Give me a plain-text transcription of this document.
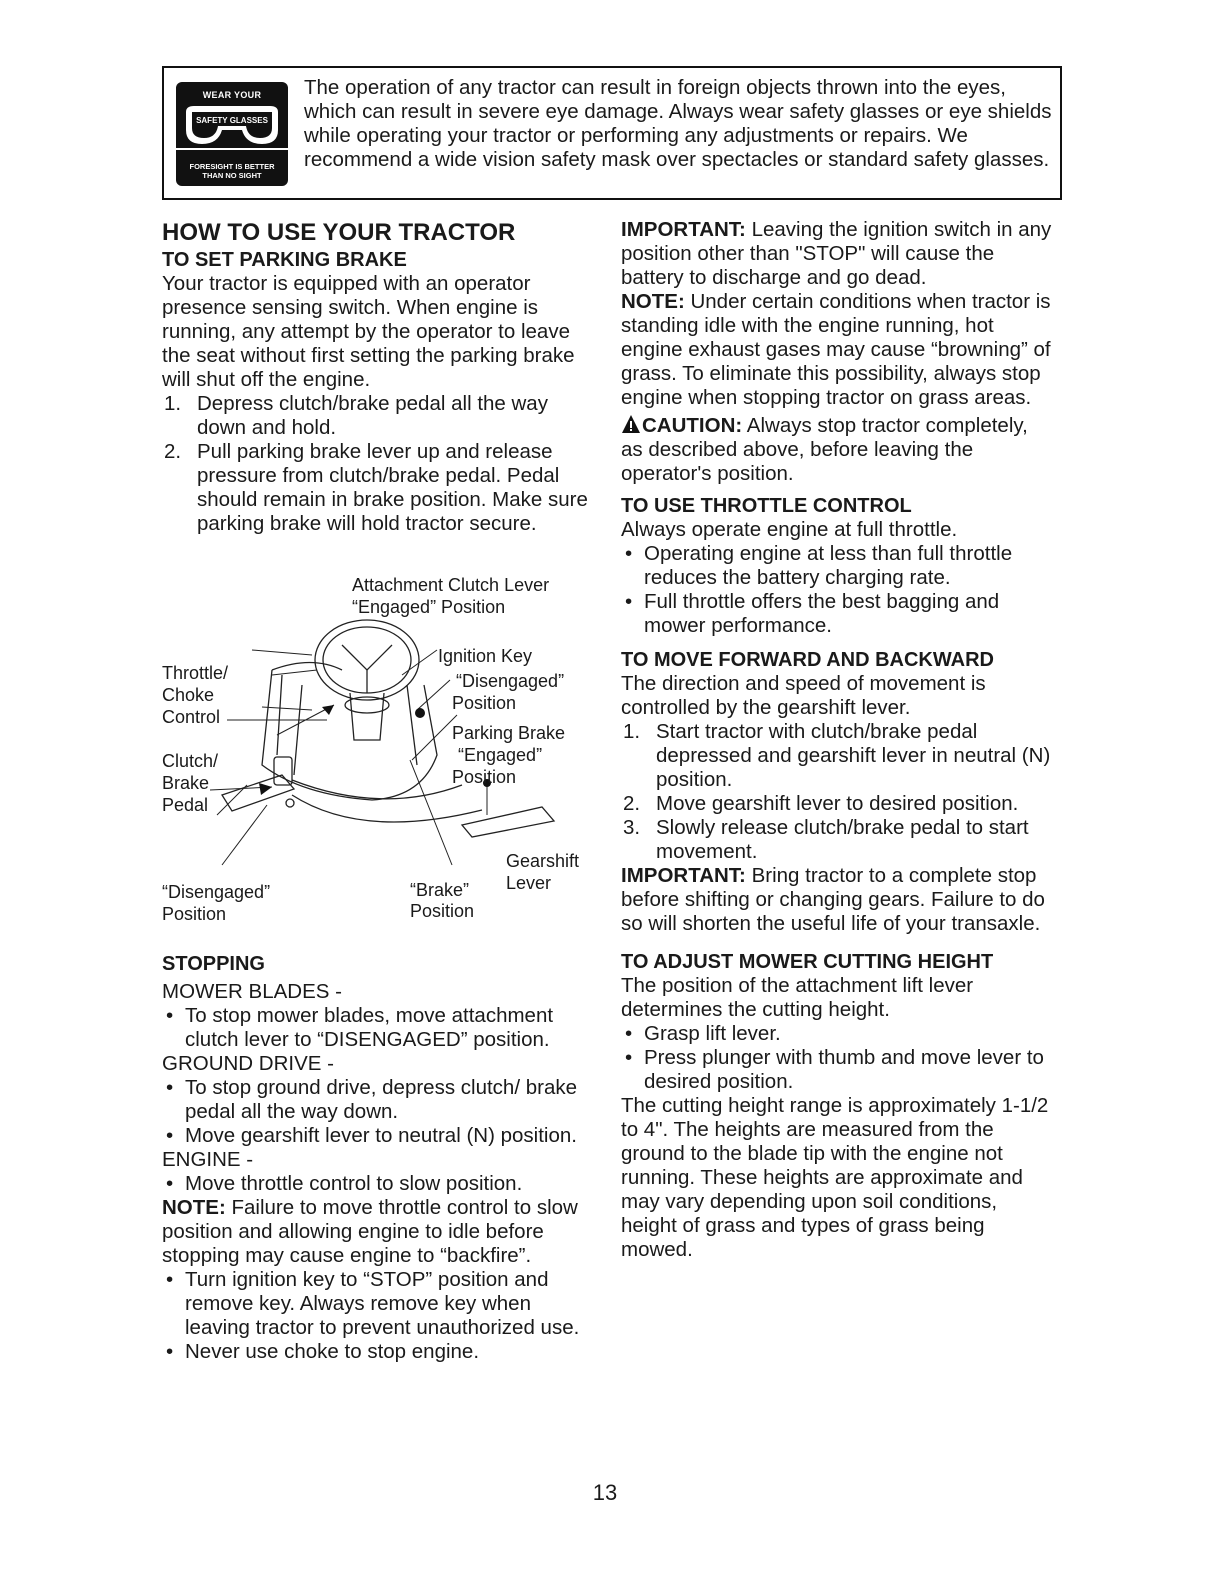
WEAR YOUR
SAFETY GLASSES
FORESIGHT IS BETTER THAN NO SIGHT
The operation of any tractor can result in foreign objects thrown into the eyes, which can result in severe eye damage. Always wear safety glasses or eye shields while operating your tractor or performing any adjustments or repairs. We recommend a wide vision safety mask over spectacles or standard safety glasses.
HOW TO USE YOUR TRACTOR
TO SET PARKING BRAKE

Your tractor is equipped with an operator presence sensing switch. When engine is running, any attempt by the operator to leave the seat without first setting the parking brake will shut off the engine.

1. Depress clutch/brake pedal all the way down and hold.
2. Pull parking brake lever up and release pressure from clutch/brake pedal. Pedal should remain in brake position. Make sure parking brake will hold tractor secure.
Attachment Clutch Lever
“Engaged” Position
Ignition Key
“Disengaged”
Position
Throttle/
Choke
Control
Parking Brake
“Engaged”
Position
Clutch/
Brake
Pedal
Gearshift
Lever
“Disengaged”
Position
“Brake”
Position
STOPPING

MOWER BLADES -

• To stop mower blades, move attachment clutch lever to “DISENGAGED” position.

GROUND DRIVE -

• To stop ground drive, depress clutch/ brake pedal all the way down.
• Move gearshift lever to neutral (N) position.

ENGINE -

• Move throttle control to slow position.

NOTE: Failure to move throttle control to slow position and allowing engine to idle before stopping may cause engine to “backfire”.

• Turn ignition key to “STOP” position and remove key. Always remove key when leaving tractor to prevent unauthorized use.
• Never use choke to stop engine.

IMPORTANT: Leaving the ignition switch in any position other than "STOP" will cause the battery to discharge and go dead.

NOTE: Under certain conditions when tractor is standing idle with the engine running, hot engine exhaust gases may cause “browning” of grass. To eliminate this possibility, always stop engine when stopping tractor on grass areas.

CAUTION: Always stop tractor completely, as described above, before leaving the operator's position.

TO USE THROTTLE CONTROL

Always operate engine at full throttle.

• Operating engine at less than full throttle reduces the battery charging rate.
• Full throttle offers the best bagging and mower performance.
TO MOVE FORWARD AND BACKWARD

The direction and speed of movement is controlled by the gearshift lever.

1. Start tractor with clutch/brake pedal depressed and gearshift lever in neutral (N) position.
2. Move gearshift lever to desired position.
3. Slowly release clutch/brake pedal to start movement.

IMPORTANT: Bring tractor to a complete stop before shifting or changing gears. Failure to do so will shorten the useful life of your transaxle.

TO ADJUST MOWER CUTTING HEIGHT

The position of the attachment lift lever determines the cutting height.

• Grasp lift lever.
• Press plunger with thumb and move lever to desired position.

The cutting height range is approximately 1-1/2 to 4". The heights are measured from the ground to the blade tip with the engine not running. These heights are approximate and may vary depending upon soil conditions, height of grass and types of grass being mowed.

13
